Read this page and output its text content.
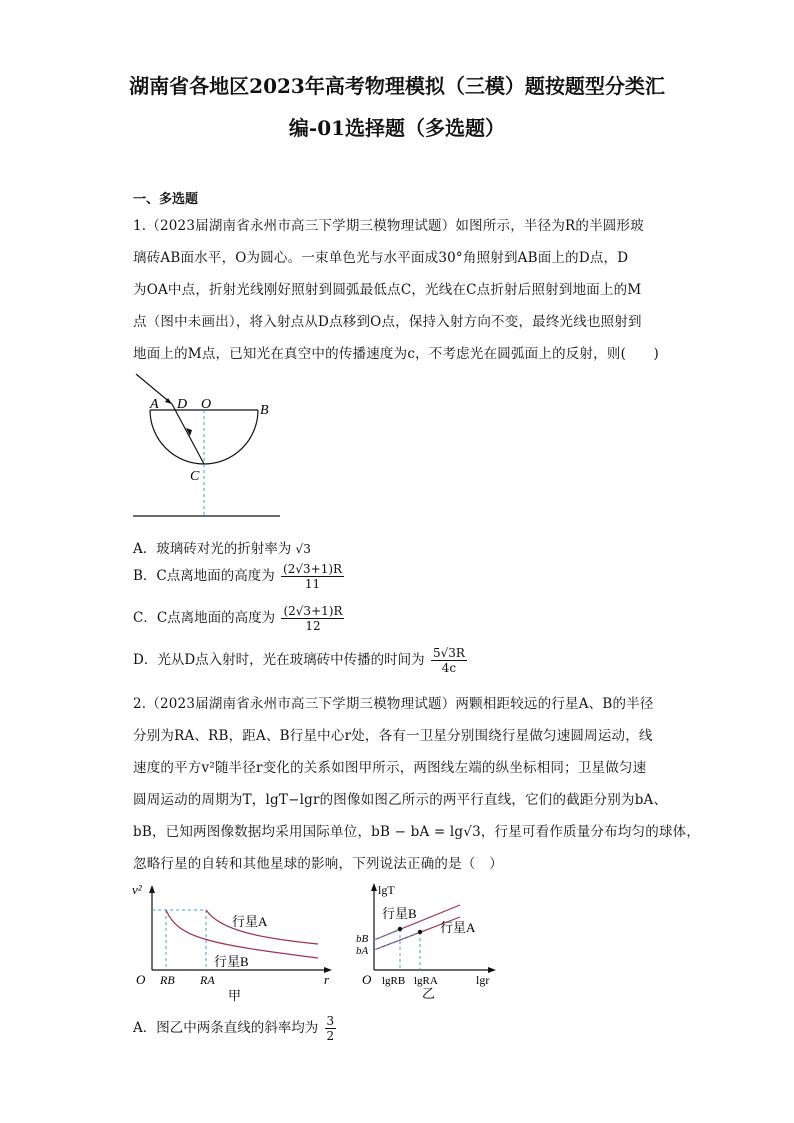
湖南省各地区2023年高考物理模拟（三模）题按题型分类汇
编-01选择题（多选题）
一、多选题
1.（2023届湖南省永州市高三下学期三模物理试题）如图所示，半径为R的半圆形玻
璃砖AB面水平，O为圆心。一束单色光与水平面成30°角照射到AB面上的D点，D
为OA中点，折射光线刚好照射到圆弧最低点C，光线在C点折射后照射到地面上的M
点（图中未画出），将入射点从D点移到O点，保持入射方向不变，最终光线也照射到
地面上的M点，已知光在真空中的传播速度为c，不考虑光在圆弧面上的反射，则(　　)
A D O	B
C
A．玻璃砖对光的折射率为 √3
B．C点离地面的高度为 $\frac{(2√3+1)R}{11}$
C．C点离地面的高度为 $\frac{(2√3+1)R}{12}$
D．光从D点入射时，光在玻璃砖中传播的时间为 $\frac{5√3R}{4c}$
2.（2023届湖南省永州市高三下学期三模物理试题）两颗相距较远的行星A、B的半径
分别为RA、RB，距A、B行星中心r处，各有一卫星分别围绕行星做匀速圆周运动，线
速度的平方v²随半径r变化的关系如图甲所示，两图线左端的纵坐标相同；卫星做匀速
圆周运动的周期为T，lgT−lgr的图像如图乙所示的两平行直线，它们的截距分别为bA、
bB，已知两图像数据均采用国际单位，bB − bA = lg√3，行星可看作质量分布均匀的球体，
忽略行星的自转和其他星球的影响，下列说法正确的是（　）
v²
O	r
RB RA
行星A
行星B
甲
lgT
O	lgr
bB
bA
lgRB lgRA
行星B
行星A
乙
A．图乙中两条直线的斜率均为 $\frac{3}{2}$
